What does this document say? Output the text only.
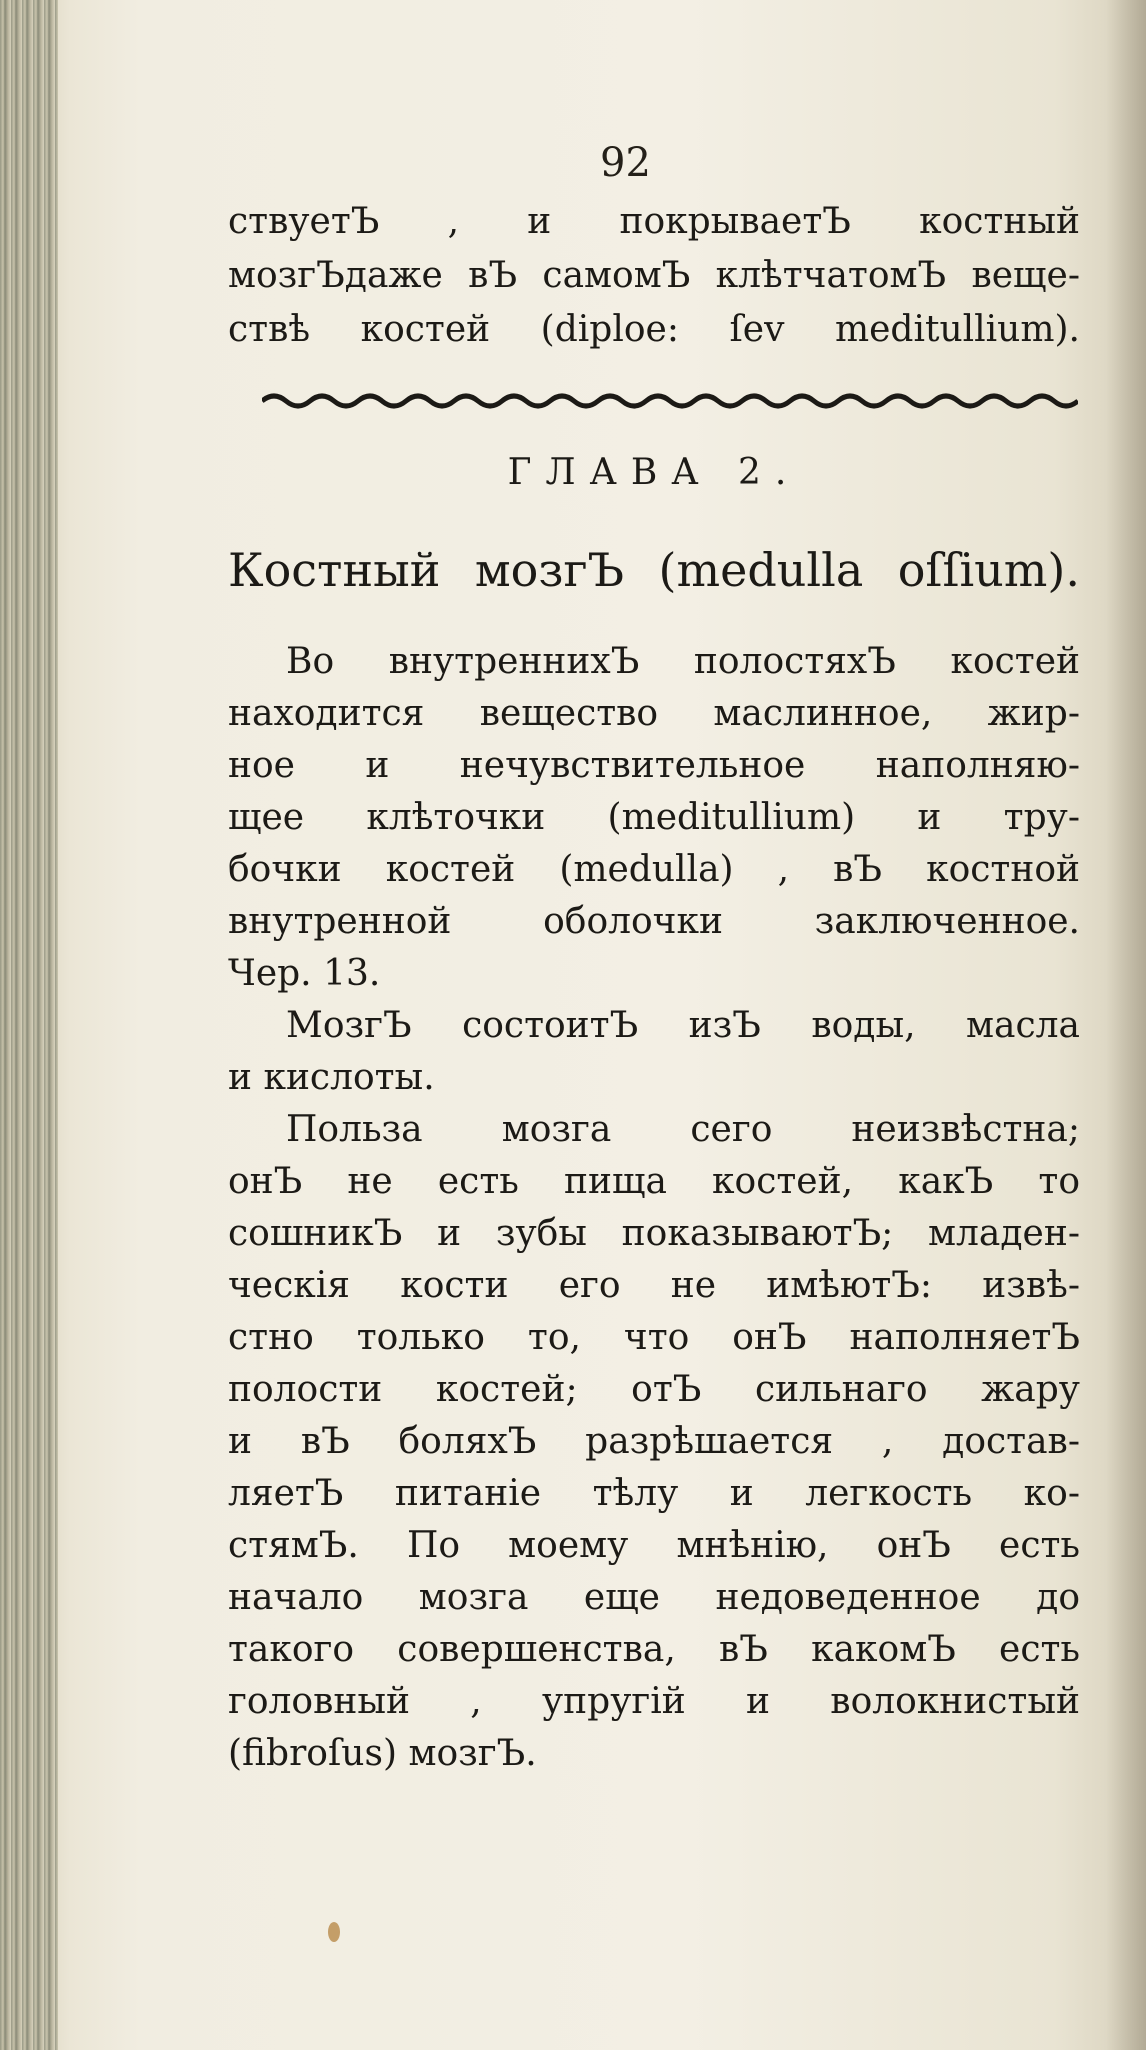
92
ствуетЪ , и покрываетЪ костный
мозгЪдаже вЪ самомЪ клѣтчатомЪ веще-
ствѣ костей (diploe: ſev meditullium).
ГЛАВА 2.
Костный мозгЪ (medulla oſſium).
Во внутреннихЪ полостяхЪ костей
находится вещество маслинное, жир-
ное и нечувствительное наполняю-
щее клѣточки (meditullium) и тру-
бочки костей (medulla) , вЪ костной
внутренной оболочки заключенное.
Чер. 13.
МозгЪ состоитЪ изЪ воды, масла
и кислоты.
Польза мозга сего неизвѣстна;
онЪ не есть пища костей, какЪ то
сошникЪ и зубы показываютЪ; младен-
ческія кости его не имѣютЪ: извѣ-
стно только то, что онЪ наполняетЪ
полости костей; отЪ сильнаго жару
и вЪ боляхЪ разрѣшается , достав-
ляетЪ питаніе тѣлу и легкость ко-
стямЪ. По моему мнѣнію, онЪ есть
начало мозга еще недоведенное до
такого совершенства, вЪ какомЪ есть
головный , упругій и волокнистый
(fibroſus) мозгЪ.
